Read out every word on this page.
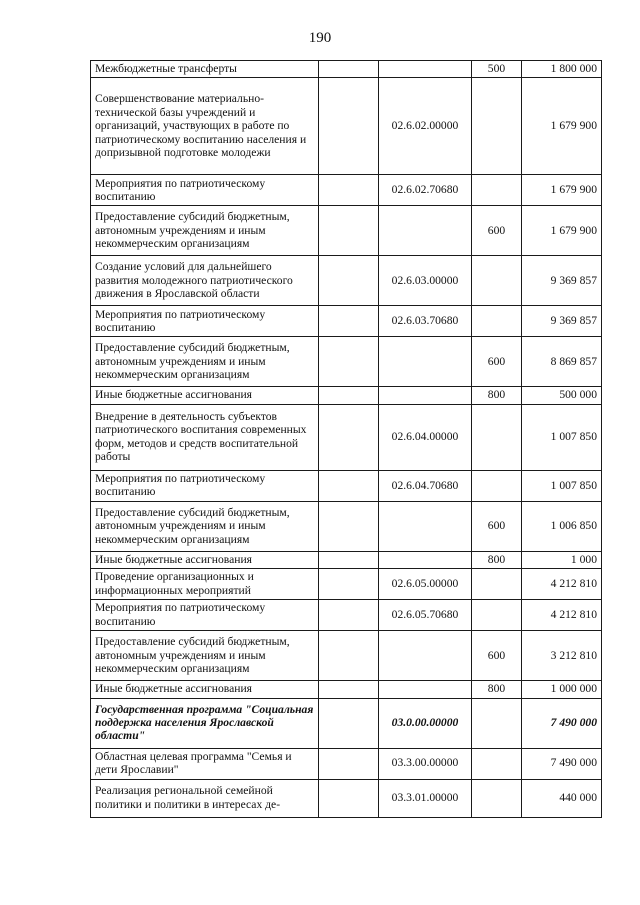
190
Межбюджетные трансферты			500	1 800 000
Совершенствование материально-технической базы учреждений и организаций, участвующих в работе по патриотическому воспитанию населения и допризывной подготовке молодежи		02.6.02.00000		1 679 900
Мероприятия по патриотическому воспитанию		02.6.02.70680		1 679 900
Предоставление субсидий бюджетным, автономным учреждениям и иным некоммерческим организациям			600	1 679 900
Создание условий для дальнейшего развития молодежного патриотического движения в Ярославской области		02.6.03.00000		9 369 857
Мероприятия по патриотическому воспитанию		02.6.03.70680		9 369 857
Предоставление субсидий бюджетным, автономным учреждениям и иным некоммерческим организациям			600	8 869 857
Иные бюджетные ассигнования			800	500 000
Внедрение в деятельность субъектов патриотического воспитания современных форм, методов и средств воспитательной работы		02.6.04.00000		1 007 850
Мероприятия по патриотическому воспитанию		02.6.04.70680		1 007 850
Предоставление субсидий бюджетным, автономным учреждениям и иным некоммерческим организациям			600	1 006 850
Иные бюджетные ассигнования			800	1 000
Проведение организационных и информационных мероприятий		02.6.05.00000		4 212 810
Мероприятия по патриотическому воспитанию		02.6.05.70680		4 212 810
Предоставление субсидий бюджетным, автономным учреждениям и иным некоммерческим организациям			600	3 212 810
Иные бюджетные ассигнования			800	1 000 000
Государственная программа "Социальная поддержка населения Ярославской области"		03.0.00.00000		7 490 000
Областная целевая программа "Семья и дети Ярославии"		03.3.00.00000		7 490 000
Реализация региональной семейной политики и политики в интересах де-		03.3.01.00000		440 000
